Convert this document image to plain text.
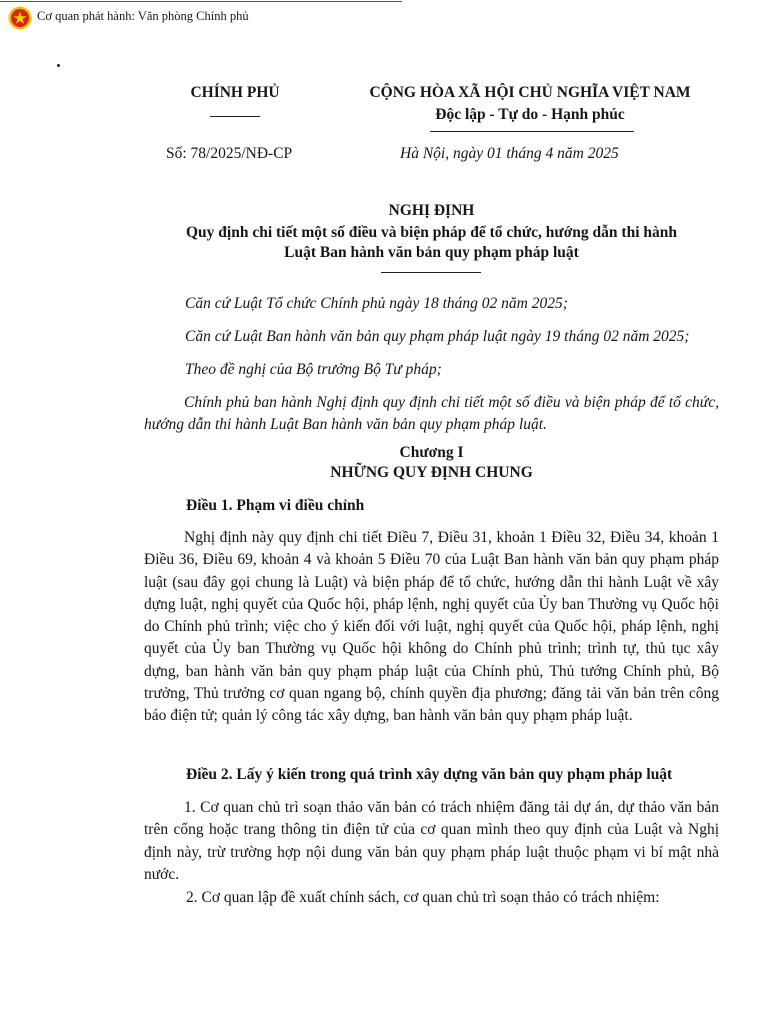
Cơ quan phát hành: Văn phòng Chính phủ
CHÍNH PHỦ	CỘNG HÒA XÃ HỘI CHỦ NGHĨA VIỆT NAM
Độc lập - Tự do - Hạnh phúc
Số: 78/2025/NĐ-CP	Hà Nội, ngày 01 tháng 4 năm 2025
NGHỊ ĐỊNH
Quy định chi tiết một số điều và biện pháp để tổ chức, hướng dẫn thi hành
Luật Ban hành văn bản quy phạm pháp luật
Căn cứ Luật Tổ chức Chính phủ ngày 18 tháng 02 năm 2025;
Căn cứ Luật Ban hành văn bản quy phạm pháp luật ngày 19 tháng 02 năm 2025;
Theo đề nghị của Bộ trưởng Bộ Tư pháp;
Chính phủ ban hành Nghị định quy định chi tiết một số điều và biện pháp để tổ chức, hướng dẫn thi hành Luật Ban hành văn bản quy phạm pháp luật.
Chương I
NHỮNG QUY ĐỊNH CHUNG
Điều 1. Phạm vi điều chỉnh
Nghị định này quy định chi tiết Điều 7, Điều 31, khoản 1 Điều 32, Điều 34, khoản 1 Điều 36, Điều 69, khoản 4 và khoản 5 Điều 70 của Luật Ban hành văn bản quy phạm pháp luật (sau đây gọi chung là Luật) và biện pháp để tổ chức, hướng dẫn thi hành Luật về xây dựng luật, nghị quyết của Quốc hội, pháp lệnh, nghị quyết của Ủy ban Thường vụ Quốc hội do Chính phủ trình; việc cho ý kiến đối với luật, nghị quyết của Quốc hội, pháp lệnh, nghị quyết của Ủy ban Thường vụ Quốc hội không do Chính phủ trình; trình tự, thủ tục xây dựng, ban hành văn bản quy phạm pháp luật của Chính phủ, Thủ tướng Chính phủ, Bộ trưởng, Thủ trưởng cơ quan ngang bộ, chính quyền địa phương; đăng tải văn bản trên công báo điện tử; quản lý công tác xây dựng, ban hành văn bản quy phạm pháp luật.
Điều 2. Lấy ý kiến trong quá trình xây dựng văn bản quy phạm pháp luật
1. Cơ quan chủ trì soạn thảo văn bản có trách nhiệm đăng tải dự án, dự thảo văn bản trên cổng hoặc trang thông tin điện tử của cơ quan mình theo quy định của Luật và Nghị định này, trừ trường hợp nội dung văn bản quy phạm pháp luật thuộc phạm vi bí mật nhà nước.
2. Cơ quan lập đề xuất chính sách, cơ quan chủ trì soạn thảo có trách nhiệm:
